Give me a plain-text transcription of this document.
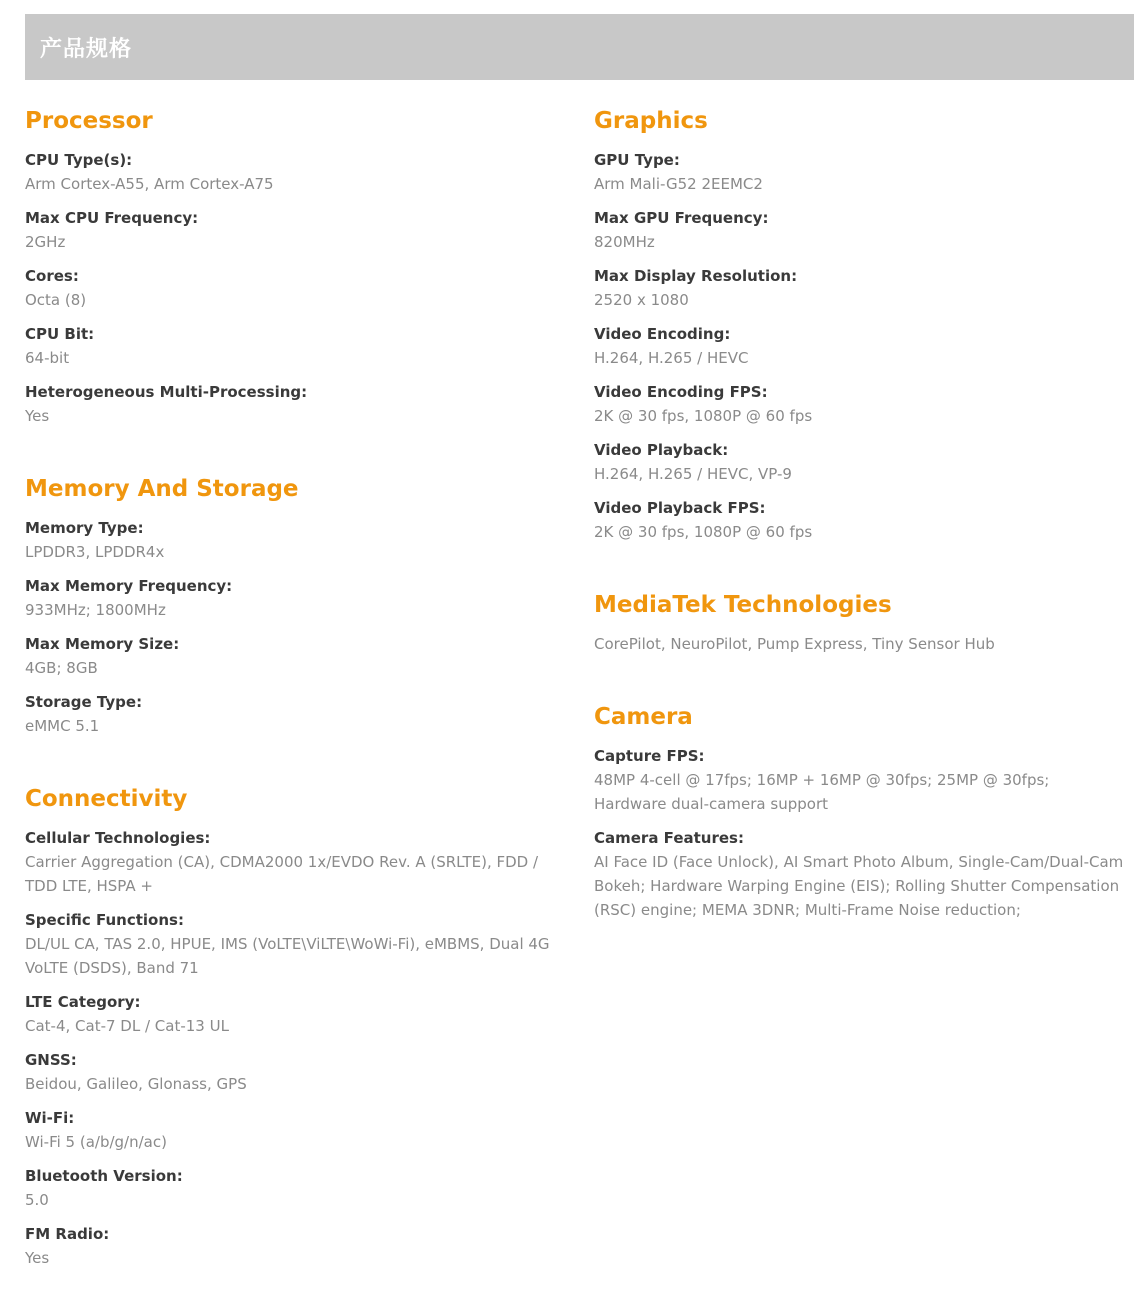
产品规格
Processor
CPU Type(s):
Arm Cortex-A55, Arm Cortex-A75
Max CPU Frequency:
2GHz
Cores:
Octa (8)
CPU Bit:
64-bit
Heterogeneous Multi-Processing:
Yes
Memory And Storage
Memory Type:
LPDDR3, LPDDR4x
Max Memory Frequency:
933MHz; 1800MHz
Max Memory Size:
4GB; 8GB
Storage Type:
eMMC 5.1
Connectivity
Cellular Technologies:
Carrier Aggregation (CA), CDMA2000 1x/EVDO Rev. A (SRLTE), FDD / TDD LTE, HSPA +
Specific Functions:
DL/UL CA, TAS 2.0, HPUE, IMS (VoLTE\ViLTE\WoWi-Fi), eMBMS, Dual 4G VoLTE (DSDS), Band 71
LTE Category:
Cat-4, Cat-7 DL / Cat-13 UL
GNSS:
Beidou, Galileo, Glonass, GPS
Wi-Fi:
Wi-Fi 5 (a/b/g/n/ac)
Bluetooth Version:
5.0
FM Radio:
Yes
Graphics
GPU Type:
Arm Mali-G52 2EEMC2
Max GPU Frequency:
820MHz
Max Display Resolution:
2520 x 1080
Video Encoding:
H.264, H.265 / HEVC
Video Encoding FPS:
2K @ 30 fps, 1080P @ 60 fps
Video Playback:
H.264, H.265 / HEVC, VP-9
Video Playback FPS:
2K @ 30 fps, 1080P @ 60 fps
MediaTek Technologies
CorePilot, NeuroPilot, Pump Express, Tiny Sensor Hub
Camera
Capture FPS:
48MP 4-cell @ 17fps; 16MP + 16MP @ 30fps; 25MP @ 30fps; Hardware dual-camera support
Camera Features:
AI Face ID (Face Unlock), AI Smart Photo Album, Single-Cam/Dual-Cam Bokeh; Hardware Warping Engine (EIS); Rolling Shutter Compensation (RSC) engine; MEMA 3DNR; Multi-Frame Noise reduction;
